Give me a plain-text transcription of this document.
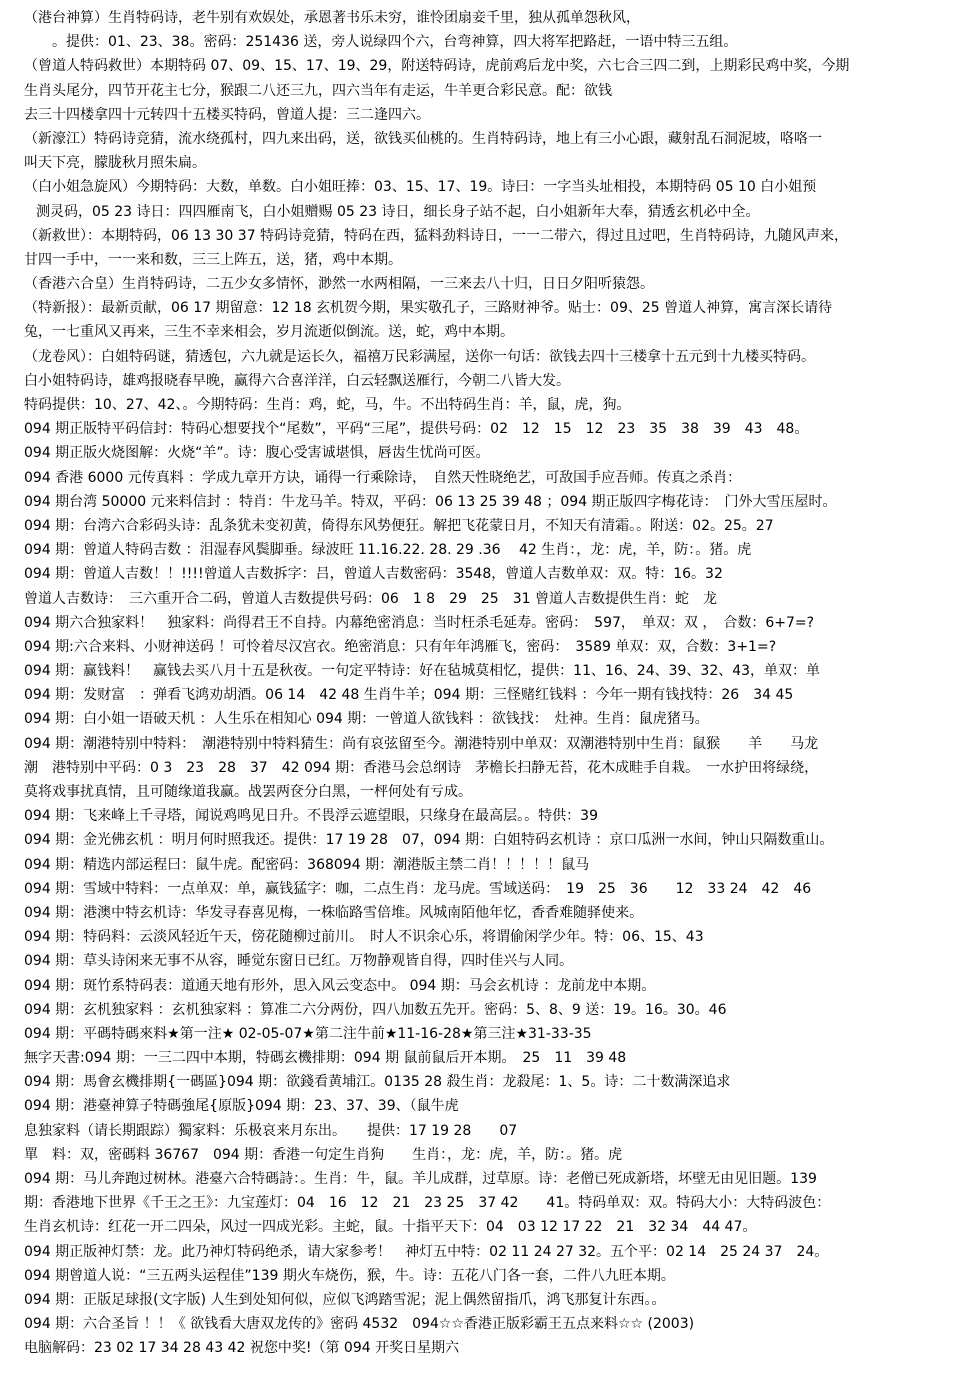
（港台神算）生肖特码诗，老牛别有欢娱处，承恩著书乐未穷，谁怜团扇妾千里，独从孤单怨秋风，
。提供：01、23、38。密码：251436 送，旁人说绿四个六，台弯神算，四大将军把路赶，一语中特三五组。
（曾道人特码救世）本期特码 07、09、15、17、19、29，附送特码诗，虎前鸡后龙中奖，六七合三四二到，上期彩民鸡中奖，今期
生肖头尾分，四节开花主七分，猴跟二八还三九，四六当年有走运，牛羊更合彩民意。配：欲钱
去三十四楼拿四十元转四十五楼买特码，曾道人提：三二逢四六。
（新濠江）特码诗竞猜，流水绕孤村，四九来出码，送，欲钱买仙桃的。生肖特码诗，地上有三小心跟，藏射乱石洞泥坡，咯咯一
叫天下亮，朦胧秋月照朱扁。
（白小姐急旋风）今期特码：大数，单数。白小姐旺捧：03、15、17、19。诗曰：一字当头址相投，本期特码 05 10 白小姐预
测灵码，05 23 诗日：四四雁南飞，白小姐赠赐 05 23 诗日，细长身子站不起，白小姐新年大奉，猜透玄机必中全。
（新救世）：本期特码，06 13 30 37 特码诗竞猜，特码在西，猛料劲料诗日，一一二带六，得过且过吧，生肖特码诗，九随风声来，
甘四一手中，一一来和数，三三上阵五，送，猪，鸡中本期。
（香港六合皇）生肖特码诗，二五少女多情怀，渺然一水两相隔，一三来去八十归，日日夕阳听猿怨。
（特新报）：最新贡献，06 17 期留意：12 18 玄机贺今期，果实敬孔子，三路财神爷。贴士：09、25 曾道人神算，寓言深长请待
兔，一七重风又再来，三生不幸来相会，岁月流逝似倒流。送，蛇，鸡中本期。
（龙卷风）：白姐特码谜，猜透包，六九就是运长久，福禧万民彩满屋，送你一句话：欲钱去四十三楼拿十五元到十九楼买特码。
白小姐特码诗，雄鸡报晓春早晚，赢得六合喜洋洋，白云轻飘送雁行，今朝二八皆大发。
特码提供：10、27、42、。今期特码：生肖：鸡，蛇，马，牛。不出特码生肖：羊，鼠，虎，狗。
094 期正版特平码信封：特码心想要找个“尾数”，平码“三尾”，提供号码：02　12　15　12　23　35　38　39　43　48。
094 期正版火烧图解：火烧“羊”。诗：腹心受害诚堪惧，唇齿生忧尚可医。
094 香港 6000 元传真料 ：学成九章开方诀，诵得一行乘除诗，　自然天性晓绝艺，可敌国手应吾师。传真之杀肖：
094 期台湾 50000 元来料信封 ：特肖：牛龙马羊。特双，平码：06 13 25 39 48 ；094 期正版四字梅花诗：　门外大雪压屋时。
094 期：台湾六合彩码头诗：乱条犹未变初黄，倚得东风势便狂。解把飞花蒙日月，不知天有清霜。。附送：02。25。27
094 期：曾道人特码吉数 ：泪湿春风鬓脚垂。绿波旺 11.16.22. 28. 29 .36 　42 生肖：，龙：虎，羊，防：。猪。虎
094 期：曾道人吉数！！!!!!曾道人吉数拆字：吕，曾道人吉数密码：3548，曾道人吉数单双：双。特：16。32
曾道人吉数诗：　三六重开合二码，曾道人吉数提供号码：06　1 8　29　25　31 曾道人吉数提供生肖：蛇　龙
094 期六合独家料！　独家料：尚得君王不自持。内幕绝密消息：当时枉杀毛延寿。密码：　597，　单双：双 ，　合数：6+7=?
094 期:六合来料、小财神送码 ！可怜着尽汉宫衣。绝密消息：只有年年鸿雁飞，密码：　3589 单双：双，合数：3+1=?
094 期：赢钱料！　赢钱去买八月十五是秋夜。一句定平特诗：好在毡城莫相忆，提供：11、16、24、39、32、43，单双：单
094 期：发财富　：弹看飞鸿劝胡酒。06 14　42 48 生肖牛羊；094 期：三怪赌红钱料 ：今年一期有钱找特：26　34 45
094 期：白小姐一语破天机 ：人生乐在相知心 094 期：一曾道人欲钱料 ：欲钱找：　灶神。生肖：鼠虎猪马。
094 期：潮港特别中特料：　潮港特别中特料猜生：尚有哀弦留至今。潮港特别中单双：双潮港特别中生肖：鼠猴　　羊　　马龙
潮　港特别中平码：0 3　23　28　37　42 094 期：香港马会总纲诗　茅檐长扫静无苔，花木成畦手自栽。　一水护田将绿绕，
莫将戏事扰真情，且可随缘道我赢。战罢两奁分白黑，一枰何处有亏成。
094 期：飞来峰上千寻塔，闻说鸡鸣见日升。不畏浮云遮望眼，只缘身在最高层。。特供：39
094 期：金光佛玄机 ：明月何时照我还。提供：17 19 28　07，094 期：白姐特码玄机诗 ：京口瓜洲一水间，钟山只隔数重山。
094 期：精选内部运程曰：鼠牛虎。配密码：368094 期：潮港版主禁二肖！！！！！鼠马
094 期：雪域中特料：一点单双：单，赢钱猛字：咖，二点生肖：龙马虎。雪域送码：　19　25　36　　12　33 24　42　46
094 期：港澳中特玄机诗：华发寻春喜见梅，一株临路雪倍堆。风城南陌他年忆，香香难随驿使来。
094 期：特码料：云淡风轻近午天，傍花随柳过前川。　时人不识余心乐，将谓偷闲学少年。特：06、15、43
094 期：草头诗闲来无事不从容，睡觉东窗日已红。万物静观皆自得，四时佳兴与人同。
094 期：斑竹系特码表：道通天地有形外，思入风云变态中。 094 期：马会玄机诗 ：龙前龙中本期。
094 期：玄机独家料 ：玄机独家料 ：算准二六分两份，四八加数五先开。密码：5、8、9 送：19。16。30。46
094 期：平碼特碼來料★第一注★ 02-05-07★第二注牛前★11-16-28★第三注★31-33-35
無字天書:094 期：一三二四中本期，特碼玄機排期：094 期 鼠前鼠后开本期。　25　11　39 48
094 期：馬會玄機排期{一碼區}094 期：欲錢看黄埔江。0135 28 殺生肖：龙殺尾：1、5。诗：二十数满深追求
094 期：港臺神算子特碼強尾{原版}094 期：23、37、39、（鼠牛虎
息独家料（请长期跟踪）獨家料：乐极哀来月东出。　　提供：17 19 28　　07
單　料：双，密碼料 36767　094 期：香港一句定生肖狗　　生肖：，龙：虎，羊，防：。猪。虎
094 期：马儿奔跑过树林。港臺六合特碼詩：。生肖：牛，鼠。羊儿成群，过草原。诗：老僧已死成新塔，坏壁无由见旧题。139
期：香港地下世界《千王之王》：九宝莲灯：04　16　12　21　23 25　37 42　　41。特码单双：双。特码大小：大特码波色：
生肖玄机诗：红花一开二四朵，风过一四成光彩。主蛇，鼠。十指平天下：04　03 12 17 22　21　32 34　44 47。
094 期正版神灯禁：龙。此乃神灯特码绝杀，请大家参考！　神灯五中特：02 11 24 27 32。五个平：02 14　25 24 37　24。
094 期曾道人说：“三五两头运程佳”139 期火车烧伤，猴，牛。诗：五花八门各一套，二件八九旺本期。
094 期：正版足球报(文字版) 人生到处知何似，应似飞鸿踏雪泥；泥上偶然留指爪，鸿飞那复计东西。。
094 期：六合圣旨 ！！《 欲钱看大唐双龙传的》密码 4532　094☆☆香港正版彩霸王五点来料☆☆ (2003)
电脑解码：23 02 17 34 28 43 42 祝您中奖!（第 094 开奖日星期六
